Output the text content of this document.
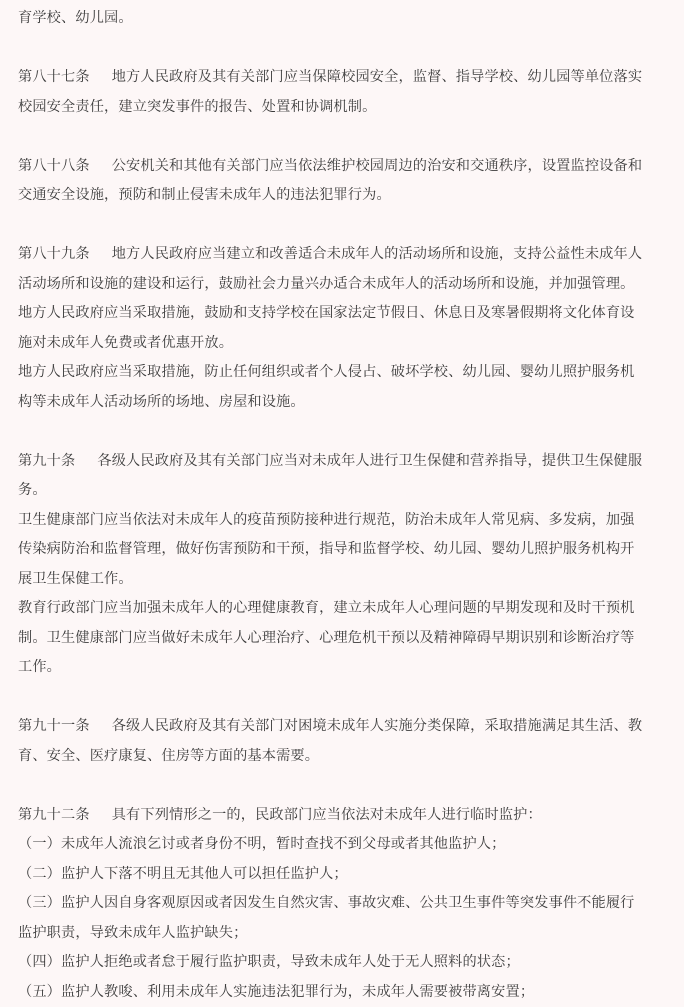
育学校、幼儿园。
第八十七条 地方人民政府及其有关部门应当保障校园安全，监督、指导学校、幼儿园等单位落实
校园安全责任，建立突发事件的报告、处置和协调机制。
第八十八条 公安机关和其他有关部门应当依法维护校园周边的治安和交通秩序，设置监控设备和
交通安全设施，预防和制止侵害未成年人的违法犯罪行为。
第八十九条 地方人民政府应当建立和改善适合未成年人的活动场所和设施，支持公益性未成年人
活动场所和设施的建设和运行，鼓励社会力量兴办适合未成年人的活动场所和设施，并加强管理。
地方人民政府应当采取措施，鼓励和支持学校在国家法定节假日、休息日及寒暑假期将文化体育设
施对未成年人免费或者优惠开放。
地方人民政府应当采取措施，防止任何组织或者个人侵占、破坏学校、幼儿园、婴幼儿照护服务机
构等未成年人活动场所的场地、房屋和设施。
第九十条 各级人民政府及其有关部门应当对未成年人进行卫生保健和营养指导，提供卫生保健服
务。
卫生健康部门应当依法对未成年人的疫苗预防接种进行规范，防治未成年人常见病、多发病，加强
传染病防治和监督管理，做好伤害预防和干预，指导和监督学校、幼儿园、婴幼儿照护服务机构开
展卫生保健工作。
教育行政部门应当加强未成年人的心理健康教育，建立未成年人心理问题的早期发现和及时干预机
制。卫生健康部门应当做好未成年人心理治疗、心理危机干预以及精神障碍早期识别和诊断治疗等
工作。
第九十一条 各级人民政府及其有关部门对困境未成年人实施分类保障，采取措施满足其生活、教
育、安全、医疗康复、住房等方面的基本需要。
第九十二条 具有下列情形之一的，民政部门应当依法对未成年人进行临时监护：
（一）未成年人流浪乞讨或者身份不明，暂时查找不到父母或者其他监护人；
（二）监护人下落不明且无其他人可以担任监护人；
（三）监护人因自身客观原因或者因发生自然灾害、事故灾难、公共卫生事件等突发事件不能履行
监护职责，导致未成年人监护缺失；
（四）监护人拒绝或者怠于履行监护职责，导致未成年人处于无人照料的状态；
（五）监护人教唆、利用未成年人实施违法犯罪行为，未成年人需要被带离安置；
